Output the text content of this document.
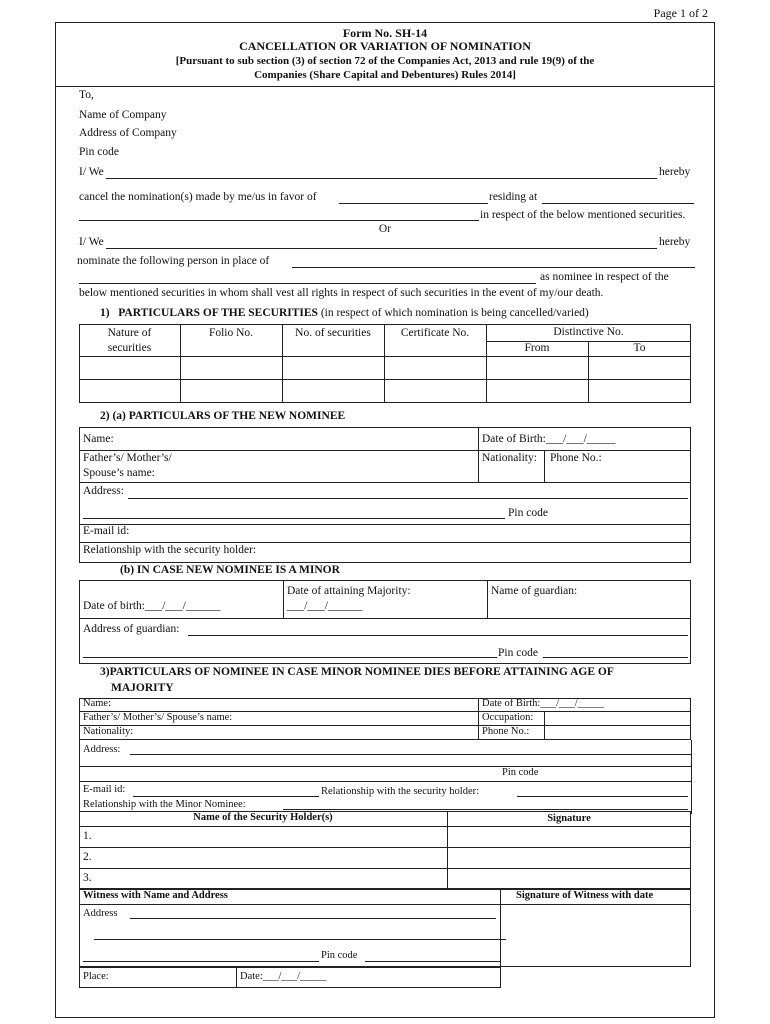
Page 1 of 2
Form No. SH-14
CANCELLATION OR VARIATION OF NOMINATION
[Pursuant to sub section (3) of section 72 of the Companies Act, 2013 and rule 19(9) of the
Companies (Share Capital and Debentures) Rules 2014]
To,
Name of Company
Address of Company
Pin code
I/ We	hereby
cancel the nomination(s) made by me/us in favor of	residing at
in respect of the below mentioned securities.
Or
I/ We	hereby
nominate the following person in place of
as nominee in respect of the
below mentioned securities in whom shall vest all rights in respect of such securities in the event of my/our death.
1) PARTICULARS OF THE SECURITIES (in respect of which nomination is being cancelled/varied)
Nature of
securities
Folio No.	No. of securities	Certificate No.	Distinctive No.
From	To
2) (a) PARTICULARS OF THE NEW NOMINEE
Name:	Date of Birth:___/___/_____
Father’s/ Mother’s/
Spouse’s name:
Nationality: Phone No.:
Address:
Pin code
E-mail id:
Relationship with the security holder:
(b) IN CASE NEW NOMINEE IS A MINOR
Date of birth:___/___/______
Date of attaining Majority:
___/___/______
Name of guardian:
Address of guardian:
Pin code
3)PARTICULARS OF NOMINEE IN CASE MINOR NOMINEE DIES BEFORE ATTAINING AGE OF
MAJORITY
Name:	Date of Birth:___/___/_____
Father’s/ Mother’s/ Spouse’s name:	Occupation:
Nationality:	Phone No.:
Address:
Pin code
E-mail id:	Relationship with the security holder:
Relationship with the Minor Nominee:
Name of the Security Holder(s)	Signature
1.
2.
3.
Witness with Name and Address	Signature of Witness with date
Address
Pin code
Place:	Date:___/___/_____
